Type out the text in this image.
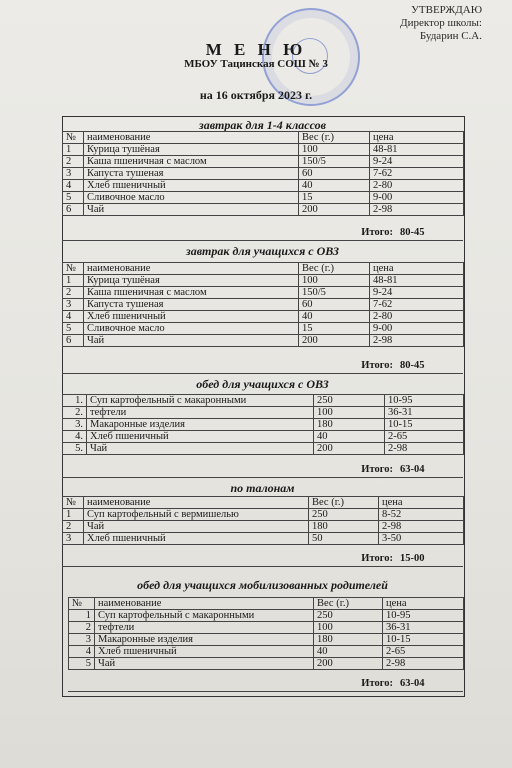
УТВЕРЖДАЮ
Директор школы:
Бударин С.А.
М Е Н Ю
МБОУ Тацинская СОШ № 3
на 16 октября 2023 г.
завтрак для 1-4 классов
№	наименование	Вес (г.)	цена
1	Курица тушёная	100	48-81
2	Каша пшеничная с маслом	150/5	9-24
3	Капуста тушеная	60	7-62
4	Хлеб пшеничный	40	2-80
5	Сливочное масло	15	9-00
6	Чай	200	2-98
Итого: 80-45
завтрак для учащихся с ОВЗ
№	наименование	Вес (г.)	цена
1	Курица тушёная	100	48-81
2	Каша пшеничная с маслом	150/5	9-24
3	Капуста тушеная	60	7-62
4	Хлеб пшеничный	40	2-80
5	Сливочное масло	15	9-00
6	Чай	200	2-98
Итого: 80-45
обед для учащихся с ОВЗ
1.	Суп картофельный с макаронными	250	10-95
2.	тефтели	100	36-31
3.	Макаронные изделия	180	10-15
4.	Хлеб пшеничный	40	2-65
5.	Чай	200	2-98
Итого: 63-04
по талонам
№	наименование	Вес (г.)	цена
1	Суп картофельный с вермишелью	250	8-52
2	Чай	180	2-98
3	Хлеб пшеничный	50	3-50
Итого: 15-00
обед для учащихся мобилизованных родителей
№	наименование	Вес (г.)	цена
1	Суп картофельный с макаронными	250	10-95
2	тефтели	100	36-31
3	Макаронные изделия	180	10-15
4	Хлеб пшеничный	40	2-65
5	Чай	200	2-98
Итого: 63-04
